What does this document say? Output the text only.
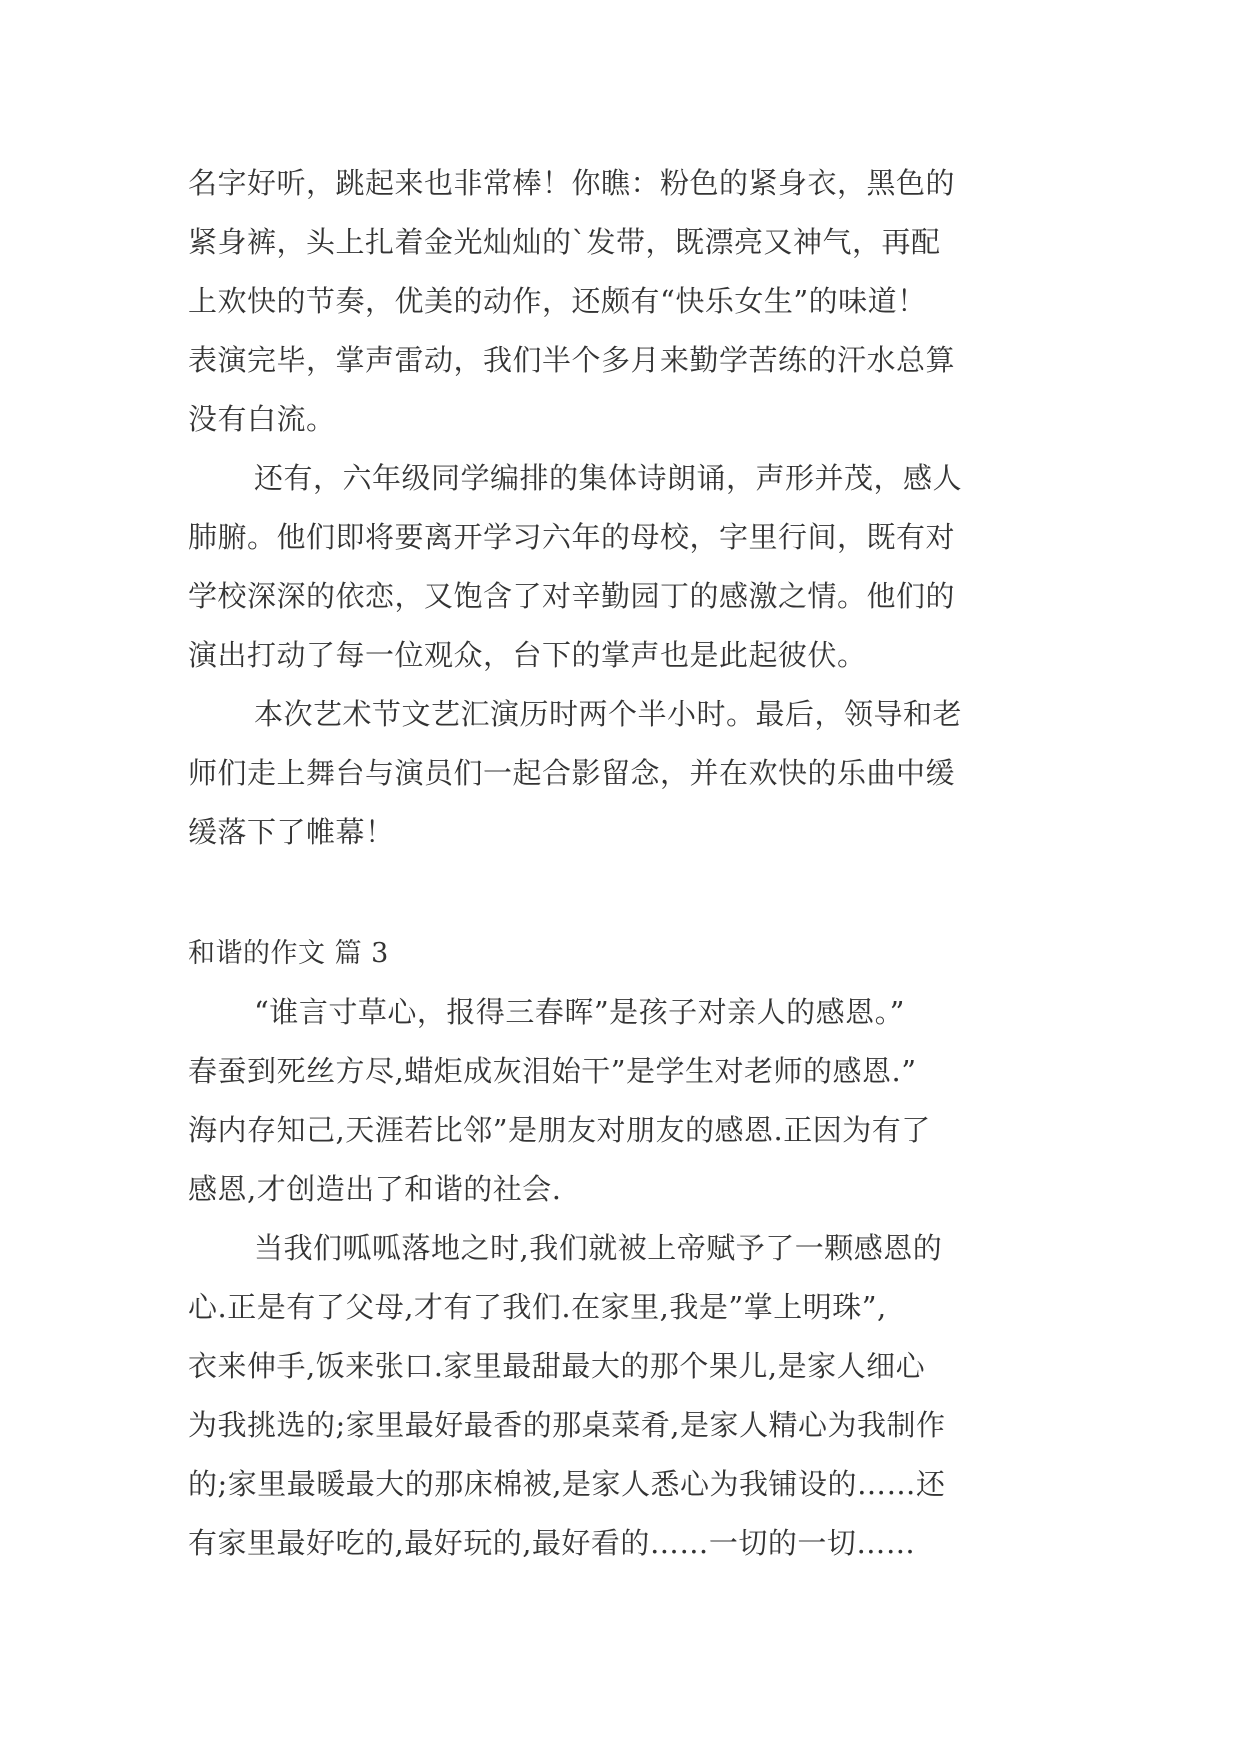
名字好听，跳起来也非常棒！你瞧：粉色的紧身衣，黑色的
紧身裤，头上扎着金光灿灿的`发带，既漂亮又神气，再配
上欢快的节奏，优美的动作，还颇有“快乐女生”的味道！
表演完毕，掌声雷动，我们半个多月来勤学苦练的汗水总算
没有白流。
还有，六年级同学编排的集体诗朗诵，声形并茂，感人
肺腑。他们即将要离开学习六年的母校，字里行间，既有对
学校深深的依恋，又饱含了对辛勤园丁的感激之情。他们的
演出打动了每一位观众，台下的掌声也是此起彼伏。
本次艺术节文艺汇演历时两个半小时。最后，领导和老
师们走上舞台与演员们一起合影留念，并在欢快的乐曲中缓
缓落下了帷幕！
和谐的作文 篇 3
“谁言寸草心，报得三春晖”是孩子对亲人的感恩。”
春蚕到死丝方尽,蜡炬成灰泪始干”是学生对老师的感恩.”
海内存知己,天涯若比邻”是朋友对朋友的感恩.正因为有了
感恩,才创造出了和谐的社会.
当我们呱呱落地之时,我们就被上帝赋予了一颗感恩的
心.正是有了父母,才有了我们.在家里,我是”掌上明珠”,
衣来伸手,饭来张口.家里最甜最大的那个果儿,是家人细心
为我挑选的;家里最好最香的那桌菜肴,是家人精心为我制作
的;家里最暖最大的那床棉被,是家人悉心为我铺设的……还
有家里最好吃的,最好玩的,最好看的……一切的一切……
